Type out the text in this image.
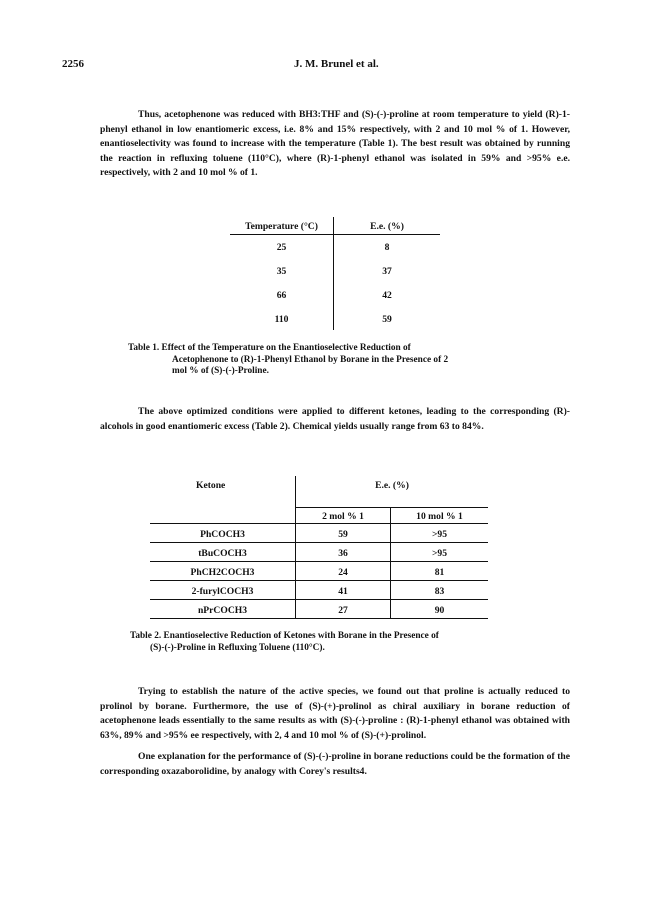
2256	J. M. Brunel et al.

Thus, acetophenone was reduced with BH3:THF and (S)-(-)-proline at room temperature to yield (R)-1-phenyl ethanol in low enantiomeric excess, i.e. 8% and 15% respectively, with 2 and 10 mol % of 1. However, enantioselectivity was found to increase with the temperature (Table 1). The best result was obtained by running the reaction in refluxing toluene (110°C), where (R)-1-phenyl ethanol was isolated in 59% and >95% e.e. respectively, with 2 and 10 mol % of 1.

Temperature (°C)	E.e. (%)
25	8
35	37
66	42
110	59

Table 1. Effect of the Temperature on the Enantioselective Reduction of
Acetophenone to (R)-1-Phenyl Ethanol by Borane in the Presence of 2
mol % of (S)-(-)-Proline.

The above optimized conditions were applied to different ketones, leading to the corresponding (R)-alcohols in good enantiomeric excess (Table 2). Chemical yields usually range from 63 to 84%.

Ketone	E.e. (%)
2 mol % 1	10 mol % 1
PhCOCH3	59	>95
tBuCOCH3	36	>95
PhCH2COCH3	24	81
2-furylCOCH3	41	83
nPrCOCH3	27	90

Table 2. Enantioselective Reduction of Ketones with Borane in the Presence of
(S)-(-)-Proline in Refluxing Toluene (110°C).

Trying to establish the nature of the active species, we found out that proline is actually reduced to prolinol by borane. Furthermore, the use of (S)-(+)-prolinol as chiral auxiliary in borane reduction of acetophenone leads essentially to the same results as with (S)-(-)-proline : (R)-1-phenyl ethanol was obtained with 63%, 89% and >95% ee respectively, with 2, 4 and 10 mol % of (S)-(+)-prolinol.

One explanation for the performance of (S)-(-)-proline in borane reductions could be the formation of the corresponding oxazaborolidine, by analogy with Corey's results4.
